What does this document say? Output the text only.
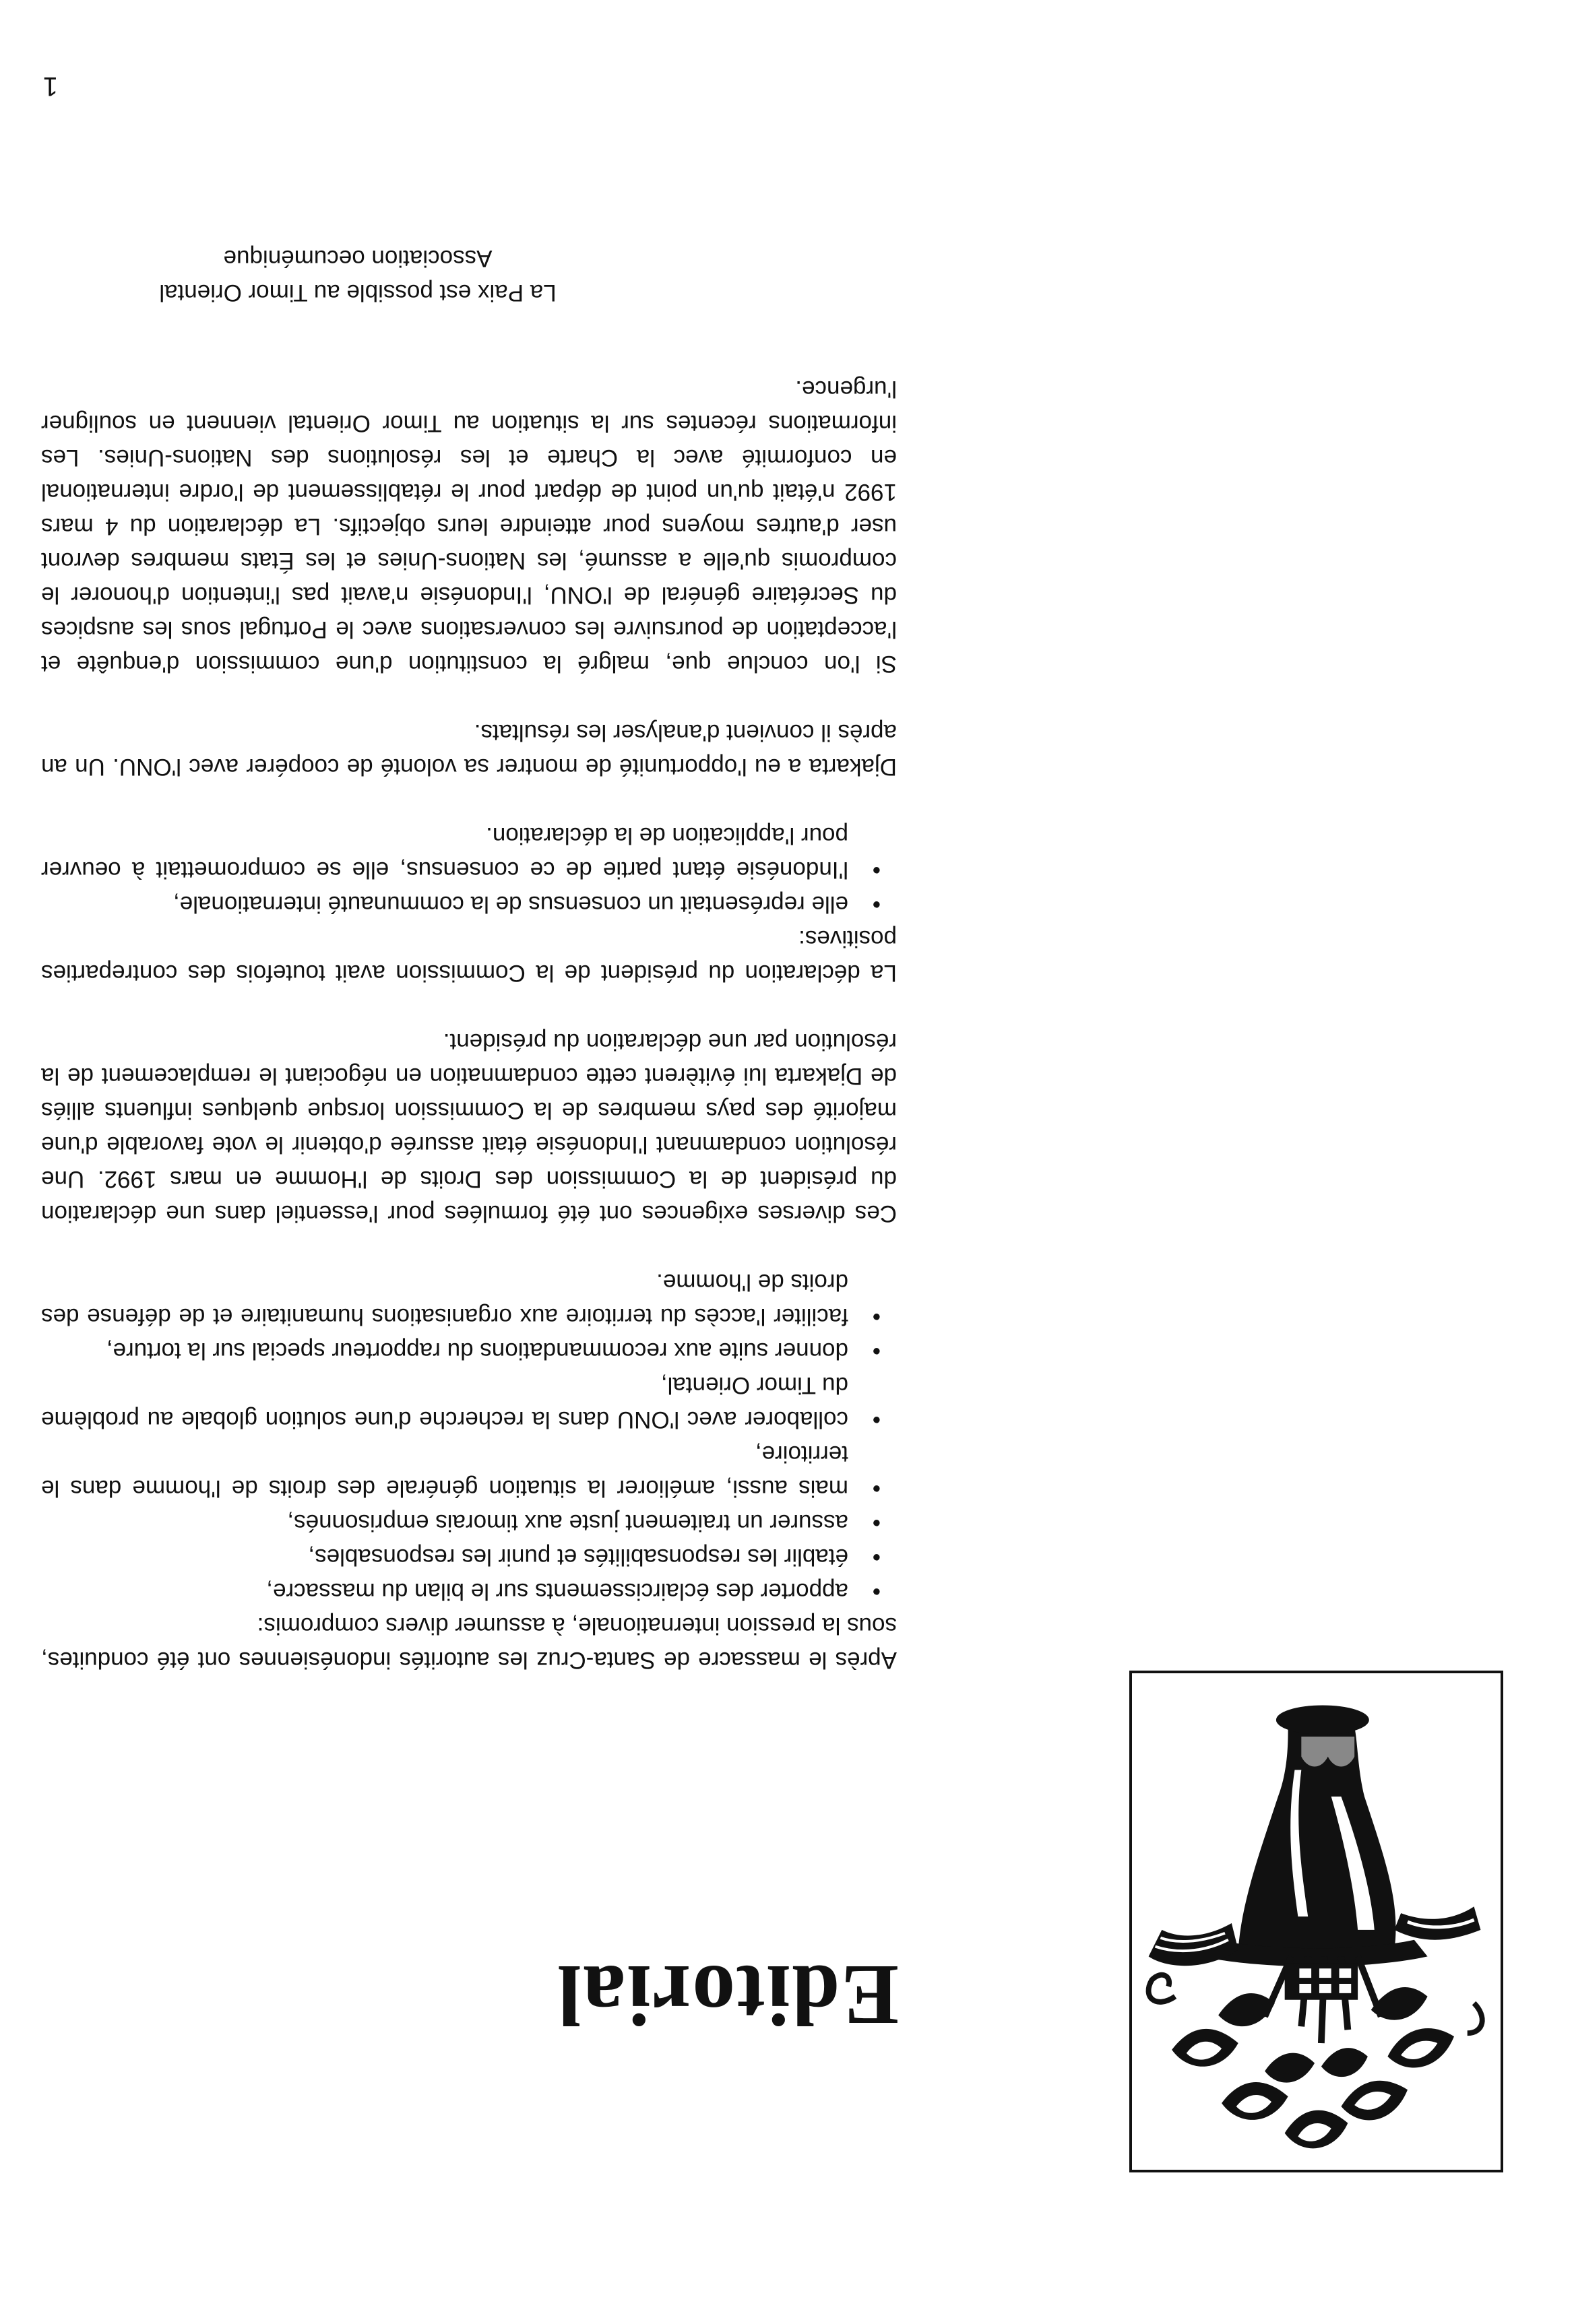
Editorial

Après le massacre de Santa-Cruz les autorités indonésiennes ont été conduites, sous la pression internationale, à assumer divers compromis:

• apporter des éclaircissements sur le bilan du massacre,
• établir les responsabilités et punir les responsables,
• assurer un traitement juste aux timorais emprisonnés,
• mais aussi, améliorer la situation générale des droits de l'homme dans le territoire,
• collaborer avec l'ONU dans la recherche d'une solution globale au problème du Timor Oriental,
• donner suite aux recommandations du rapporteur special sur la torture,
• faciliter l'accès du territoire aux organisations humanitaire et de défense des droits de l'homme.

Ces diverses exigences ont été formulées pour l'essentiel dans une déclaration du président de la Commission des Droits de l'Homme en mars 1992. Une résolution condamnant l'Indonésie était assurée d'obtenir le vote favorable d'une majorité des pays membres de la Commission lorsque quelques influents alliés de Djakarta lui évitèrent cette condamnation en négociant le remplacement de la résolution par une déclaration du président.

La déclaration du président de la Commission avait toutefois des contreparties positives:

• elle représentait un consensus de la communauté internationale,
• l'Indonésie étant partie de ce consensus, elle se compromettait à oeuvrer pour l'application de la déclaration.

Djakarta a eu l'opportunité de montrer sa volonté de coopérer avec l'ONU. Un an après il convient d'analyser les résultats.

Si l'on conclue que, malgré la constitution d'une commission d'enquête et l'acceptation de poursuivre les conversations avec le Portugal sous les auspices du Secrétaire général de l'ONU, l'Indonésie n'avait pas l'intention d'honorer le compromis qu'elle a assumé, les Nations-Unies et les États membres devront user d'autres moyens pour atteindre leurs objectifs. La déclaration du 4 mars 1992 n'était qu'un point de départ pour le rétablissement de l'ordre international en conformité avec la Charte et les résolutions des Nations-Unies. Les informations récentes sur la situation au Timor Oriental viennent en souligner l'urgence.

La Paix est possible au Timor Oriental
Association oecuménique
1
